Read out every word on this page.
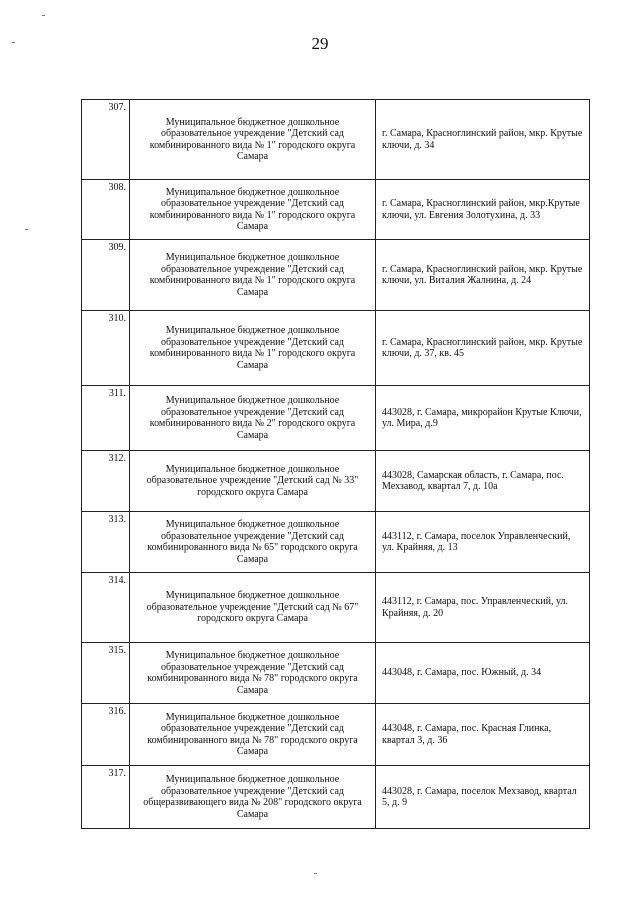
29
307.	Муниципальное бюджетное дошкольное образовательное учреждение "Детский сад комбинированного вида № 1" городского округа Самара	г. Самара, Красноглинский район, мкр. Крутые ключи, д. 34

308.	Муниципальное бюджетное дошкольное образовательное учреждение "Детский сад комбинированного вида № 1" городского округа Самара	г. Самара, Красноглинский район, мкр.Крутые ключи, ул. Евгения Золотухина, д. 33

309.	Муниципальное бюджетное дошкольное образовательное учреждение "Детский сад комбинированного вида № 1" городского округа Самара	г. Самара, Красноглинский район, мкр. Крутые ключи, ул. Виталия Жалнина, д. 24

310.	Муниципальное бюджетное дошкольное образовательное учреждение "Детский сад комбинированного вида № 1" городского округа Самара	г. Самара, Красноглинский район, мкр. Крутые ключи, д. 37, кв. 45

311.	Муниципальное бюджетное дошкольное образовательное учреждение "Детский сад комбинированного вида № 2" городского округа Самара	443028, г. Самара, микрорайон Крутые Ключи, ул. Мира, д.9

312.	Муниципальное бюджетное дошкольное образовательное учреждение "Детский сад № 33" городского округа Самара	443028, Самарская область, г. Самара, пос. Мехзавод, квартал 7, д. 10а

313.	Муниципальное бюджетное дошкольное образовательное учреждение "Детский сад комбинированного вида № 65" городского округа Самара	443112, г. Самара, поселок Управленческий, ул. Крайняя, д. 13

314.	Муниципальное бюджетное дошкольное образовательное учреждение "Детский сад № 67" городского округа Самара	443112, г. Самара, пос. Управленческий, ул. Крайняя, д. 20

315.	Муниципальное бюджетное дошкольное образовательное учреждение "Детский сад комбинированного вида № 78" городского округа Самара	443048, г. Самара, пос. Южный, д. 34

316.	Муниципальное бюджетное дошкольное образовательное учреждение "Детский сад комбинированного вида № 78" городского округа Самара	443048, г. Самара, пос. Красная Глинка, квартал 3, д. 36

317.	Муниципальное бюджетное дошкольное образовательное учреждение "Детский сад общеразвивающего вида № 208" городского округа Самара	443028, г. Самара, поселок Мехзавод, квартал 5, д. 9
